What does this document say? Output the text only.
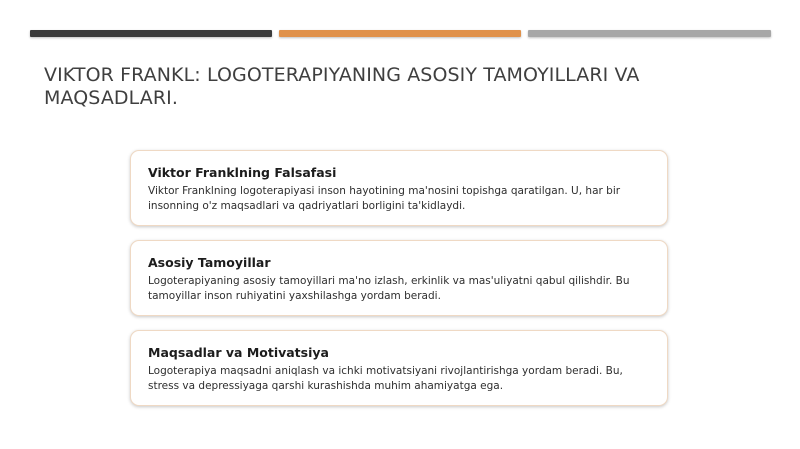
VIKTOR FRANKL: LOGOTERAPIYANING ASOSIY TAMOYILLARI VA MAQSADLARI.

Viktor Franklning Falsafasi

Viktor Franklning logoterapiyasi inson hayotining ma'nosini topishga qaratilgan. U, har bir insonning o'z maqsadlari va qadriyatlari borligini ta'kidlaydi.

Asosiy Tamoyillar

Logoterapiyaning asosiy tamoyillari ma'no izlash, erkinlik va mas'uliyatni qabul qilishdir. Bu tamoyillar inson ruhiyatini yaxshilashga yordam beradi.

Maqsadlar va Motivatsiya

Logoterapiya maqsadni aniqlash va ichki motivatsiyani rivojlantirishga yordam beradi. Bu, stress va depressiyaga qarshi kurashishda muhim ahamiyatga ega.
